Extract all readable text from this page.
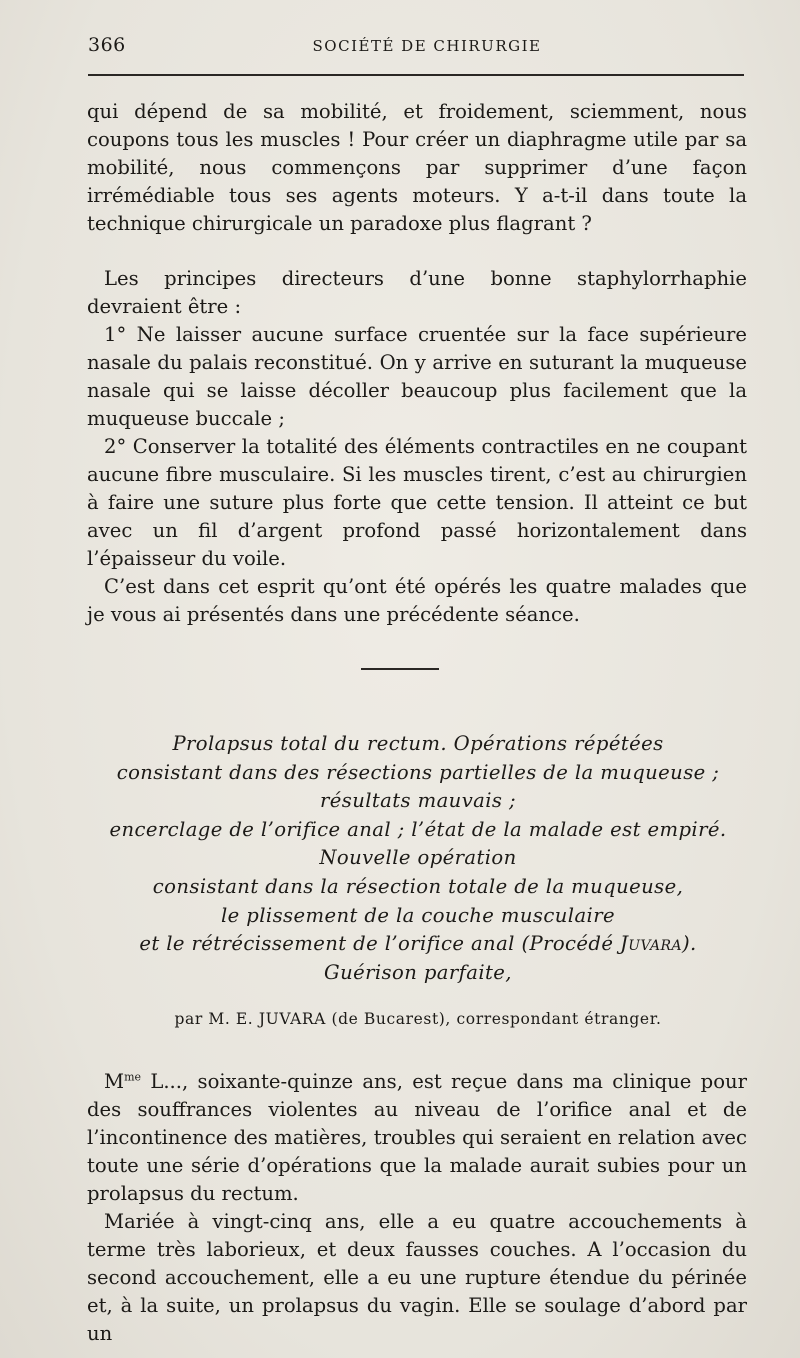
366	SOCIÉTÉ DE CHIRURGIE

qui dépend de sa mobilité, et froidement, sciemment, nous coupons tous les muscles ! Pour créer un diaphragme utile par sa mobilité, nous commençons par supprimer d’une façon irrémédiable tous ses agents moteurs. Y a-t-il dans toute la technique chirurgicale un paradoxe plus flagrant ?

Les principes directeurs d’une bonne staphylorrhaphie devraient être :

1° Ne laisser aucune surface cruentée sur la face supérieure nasale du palais reconstitué. On y arrive en suturant la muqueuse nasale qui se laisse décoller beaucoup plus facilement que la muqueuse buccale ;

2° Conserver la totalité des éléments contractiles en ne coupant aucune fibre musculaire. Si les muscles tirent, c’est au chirurgien à faire une suture plus forte que cette tension. Il atteint ce but avec un fil d’argent profond passé horizontalement dans l’épaisseur du voile.

C’est dans cet esprit qu’ont été opérés les quatre malades que je vous ai présentés dans une précédente séance.

Prolapsus total du rectum. Opérations répétées
consistant dans des résections partielles de la muqueuse ;
résultats mauvais ;
encerclage de l’orifice anal ; l’état de la malade est empiré.
Nouvelle opération
consistant dans la résection totale de la muqueuse,
le plissement de la couche musculaire
et le rétrécissement de l’orifice anal (Procédé Juvara).
Guérison parfaite,
par M. E. JUVARA (de Bucarest), correspondant étranger.

$M^{me}$ L..., soixante-quinze ans, est reçue dans ma clinique pour des souffrances violentes au niveau de l’orifice anal et de l’incontinence des matières, troubles qui seraient en relation avec toute une série d’opérations que la malade aurait subies pour un prolapsus du rectum.

Mariée à vingt-cinq ans, elle a eu quatre accouchements à terme très laborieux, et deux fausses couches. A l’occasion du second accouchement, elle a eu une rupture étendue du périnée et, à la suite, un prolapsus du vagin. Elle se soulage d’abord par un
